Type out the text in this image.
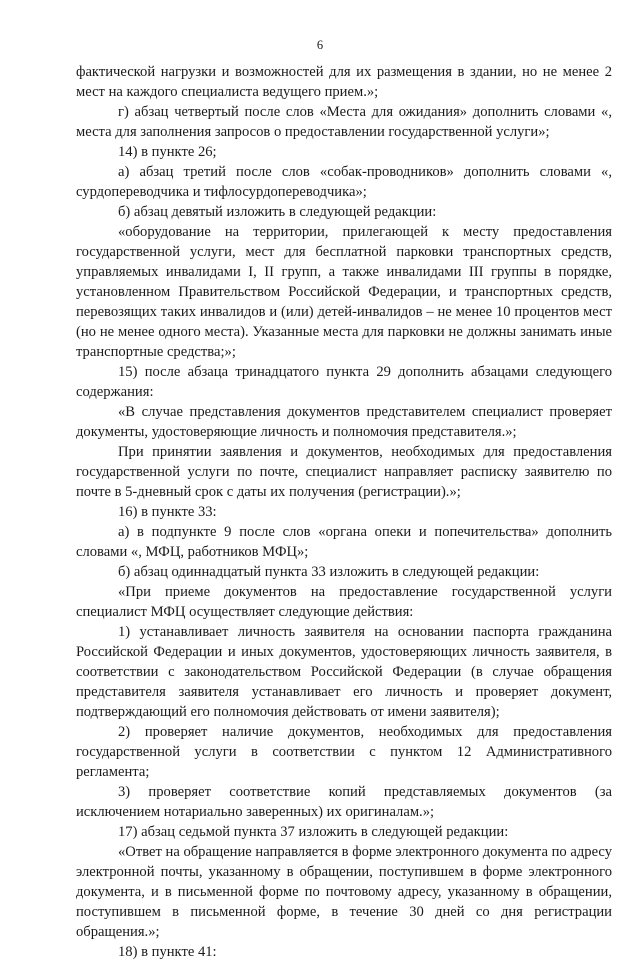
6

фактической нагрузки и возможностей для их размещения в здании, но не менее 2 мест на каждого специалиста ведущего прием.»;

г) абзац четвертый после слов «Места для ожидания» дополнить словами «, места для заполнения запросов о предоставлении государственной услуги»;

14) в пункте 26;

а) абзац третий после слов «собак-проводников» дополнить словами «, сурдопереводчика и тифлосурдопереводчика»;

б) абзац девятый изложить в следующей редакции:

«оборудование на территории, прилегающей к месту предоставления государственной услуги, мест для бесплатной парковки транспортных средств, управляемых инвалидами I, II групп, а также инвалидами III группы в порядке, установленном Правительством Российской Федерации, и транспортных средств, перевозящих таких инвалидов и (или) детей-инвалидов – не менее 10 процентов мест (но не менее одного места). Указанные места для парковки не должны занимать иные транспортные средства;»;

15) после абзаца тринадцатого пункта 29 дополнить абзацами следующего содержания:

«В случае представления документов представителем специалист проверяет документы, удостоверяющие личность и полномочия представителя.»;

При принятии заявления и документов, необходимых для предоставления государственной услуги по почте, специалист направляет расписку заявителю по почте в 5-дневный срок с даты их получения (регистрации).»;

16) в пункте 33:

а) в подпункте 9 после слов «органа опеки и попечительства» дополнить словами «, МФЦ, работников МФЦ»;

б) абзац одиннадцатый пункта 33 изложить в следующей редакции:

«При приеме документов на предоставление государственной услуги специалист МФЦ осуществляет следующие действия:

1) устанавливает личность заявителя на основании паспорта гражданина Российской Федерации и иных документов, удостоверяющих личность заявителя, в соответствии с законодательством Российской Федерации (в случае обращения представителя заявителя устанавливает его личность и проверяет документ, подтверждающий его полномочия действовать от имени заявителя);

2) проверяет наличие документов, необходимых для предоставления государственной услуги в соответствии с пунктом 12 Административного регламента;

3) проверяет соответствие копий представляемых документов (за исключением нотариально заверенных) их оригиналам.»;

17) абзац седьмой пункта 37 изложить в следующей редакции:

«Ответ на обращение направляется в форме электронного документа по адресу электронной почты, указанному в обращении, поступившем в форме электронного документа, и в письменной форме по почтовому адресу, указанному в обращении, поступившем в письменной форме, в течение 30 дней со дня регистрации обращения.»;

18) в пункте 41:
